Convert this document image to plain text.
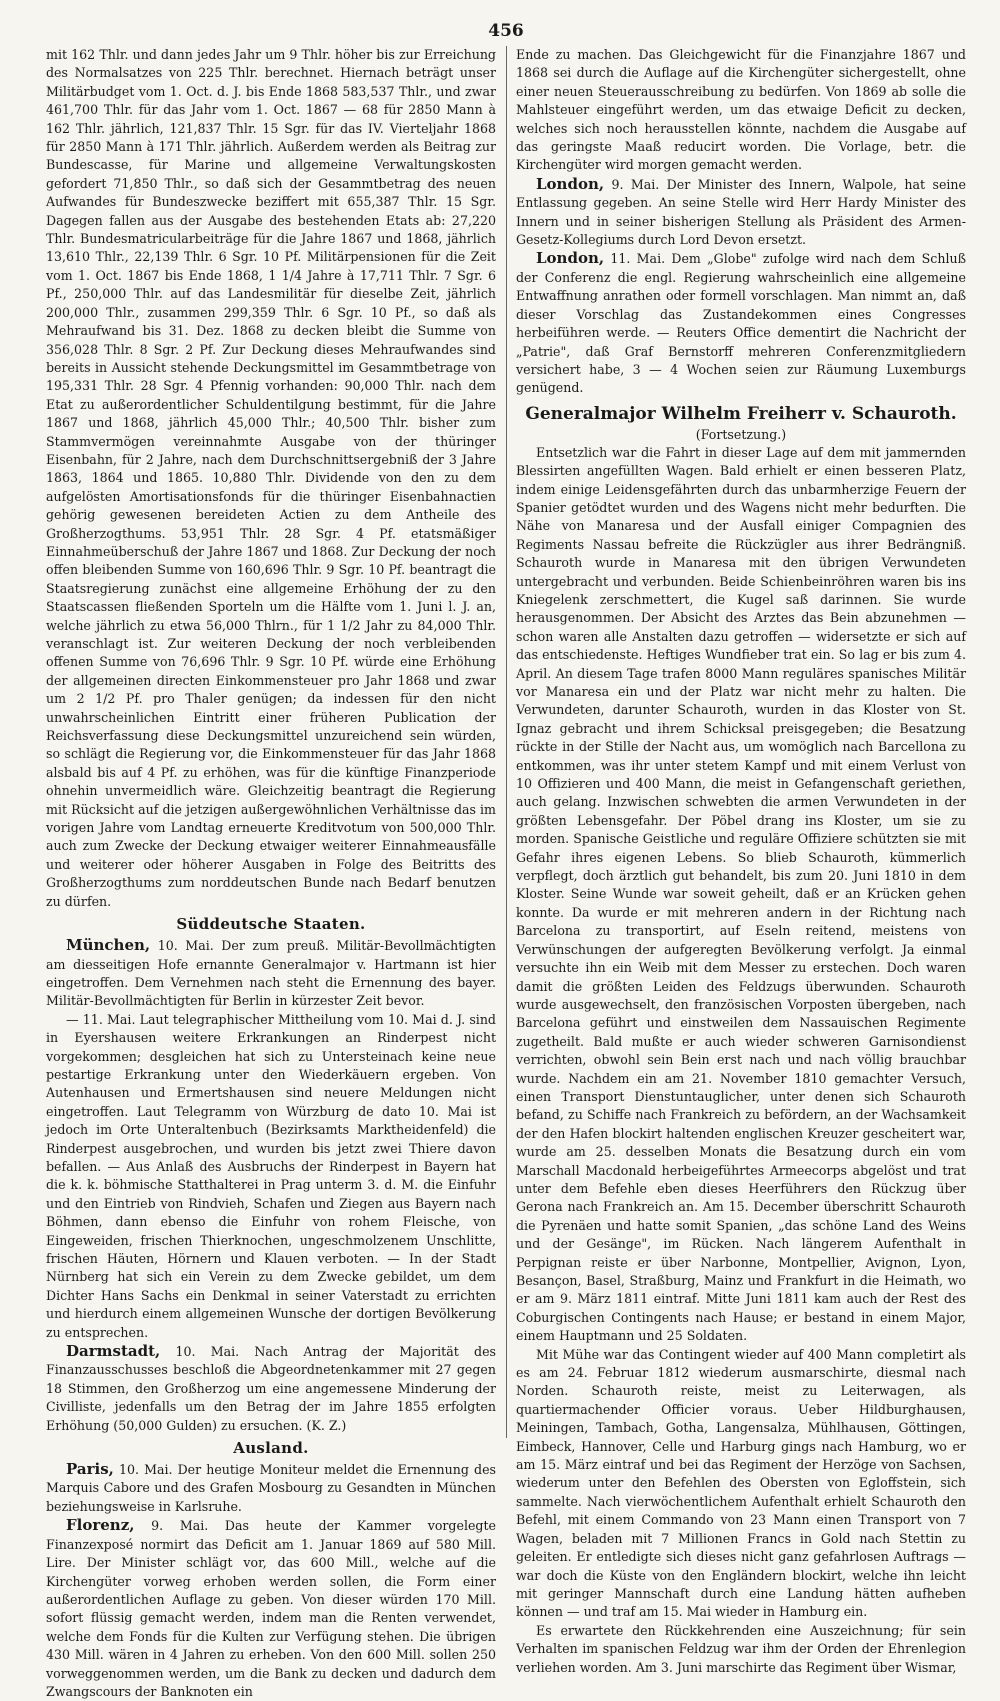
456

mit 162 Thlr. und dann jedes Jahr um 9 Thlr. höher bis zur Erreichung des Normalsatzes von 225 Thlr. berechnet. Hiernach beträgt unser Militärbudget vom 1. Oct. d. J. bis Ende 1868 583,537 Thlr., und zwar 461,700 Thlr. für das Jahr vom 1. Oct. 1867 — 68 für 2850 Mann à 162 Thlr. jährlich, 121,837 Thlr. 15 Sgr. für das IV. Vierteljahr 1868 für 2850 Mann à 171 Thlr. jährlich. Außerdem werden als Beitrag zur Bundescasse, für Marine und allgemeine Verwaltungskosten gefordert 71,850 Thlr., so daß sich der Gesammtbetrag des neuen Aufwandes für Bundeszwecke beziffert mit 655,387 Thlr. 15 Sgr. Dagegen fallen aus der Ausgabe des bestehenden Etats ab: 27,220 Thlr. Bundesmatricularbeiträge für die Jahre 1867 und 1868, jährlich 13,610 Thlr., 22,139 Thlr. 6 Sgr. 10 Pf. Militärpensionen für die Zeit vom 1. Oct. 1867 bis Ende 1868, 1 1/4 Jahre à 17,711 Thlr. 7 Sgr. 6 Pf., 250,000 Thlr. auf das Landesmilitär für dieselbe Zeit, jährlich 200,000 Thlr., zusammen 299,359 Thlr. 6 Sgr. 10 Pf., so daß als Mehraufwand bis 31. Dez. 1868 zu decken bleibt die Summe von 356,028 Thlr. 8 Sgr. 2 Pf. Zur Deckung dieses Mehraufwandes sind bereits in Aussicht stehende Deckungsmittel im Gesammtbetrage von 195,331 Thlr. 28 Sgr. 4 Pfennig vorhanden: 90,000 Thlr. nach dem Etat zu außerordentlicher Schuldentilgung bestimmt, für die Jahre 1867 und 1868, jährlich 45,000 Thlr.; 40,500 Thlr. bisher zum Stammvermögen vereinnahmte Ausgabe von der thüringer Eisenbahn, für 2 Jahre, nach dem Durchschnittsergebniß der 3 Jahre 1863, 1864 und 1865. 10,880 Thlr. Dividende von den zu dem aufgelösten Amortisationsfonds für die thüringer Eisenbahnactien gehörig gewesenen bereideten Actien zu dem Antheile des Großherzogthums. 53,951 Thlr. 28 Sgr. 4 Pf. etatsmäßiger Einnahmeüberschuß der Jahre 1867 und 1868. Zur Deckung der noch offen bleibenden Summe von 160,696 Thlr. 9 Sgr. 10 Pf. beantragt die Staatsregierung zunächst eine allgemeine Erhöhung der zu den Staatscassen fließenden Sporteln um die Hälfte vom 1. Juni l. J. an, welche jährlich zu etwa 56,000 Thlrn., für 1 1/2 Jahr zu 84,000 Thlr. veranschlagt ist. Zur weiteren Deckung der noch verbleibenden offenen Summe von 76,696 Thlr. 9 Sgr. 10 Pf. würde eine Erhöhung der allgemeinen directen Einkommensteuer pro Jahr 1868 und zwar um 2 1/2 Pf. pro Thaler genügen; da indessen für den nicht unwahrscheinlichen Eintritt einer früheren Publication der Reichsverfassung diese Deckungsmittel unzureichend sein würden, so schlägt die Regierung vor, die Einkommensteuer für das Jahr 1868 alsbald bis auf 4 Pf. zu erhöhen, was für die künftige Finanzperiode ohnehin unvermeidlich wäre. Gleichzeitig beantragt die Regierung mit Rücksicht auf die jetzigen außergewöhnlichen Verhältnisse das im vorigen Jahre vom Landtag erneuerte Kreditvotum von 500,000 Thlr. auch zum Zwecke der Deckung etwaiger weiterer Einnahmeausfälle und weiterer oder höherer Ausgaben in Folge des Beitritts des Großherzogthums zum norddeutschen Bunde nach Bedarf benutzen zu dürfen.

Süddeutsche Staaten.

München, 10. Mai. Der zum preuß. Militär-Bevollmächtigten am diesseitigen Hofe ernannte Generalmajor v. Hartmann ist hier eingetroffen. Dem Vernehmen nach steht die Ernennung des bayer. Militär-Bevollmächtigten für Berlin in kürzester Zeit bevor.

— 11. Mai. Laut telegraphischer Mittheilung vom 10. Mai d. J. sind in Eyershausen weitere Erkrankungen an Rinderpest nicht vorgekommen; desgleichen hat sich zu Untersteinach keine neue pestartige Erkrankung unter den Wiederkäuern ergeben. Von Autenhausen und Ermertshausen sind neuere Meldungen nicht eingetroffen. Laut Telegramm von Würzburg de dato 10. Mai ist jedoch im Orte Unteraltenbuch (Bezirksamts Marktheidenfeld) die Rinderpest ausgebrochen, und wurden bis jetzt zwei Thiere davon befallen. — Aus Anlaß des Ausbruchs der Rinderpest in Bayern hat die k. k. böhmische Statthalterei in Prag unterm 3. d. M. die Einfuhr und den Eintrieb von Rindvieh, Schafen und Ziegen aus Bayern nach Böhmen, dann ebenso die Einfuhr von rohem Fleische, von Eingeweiden, frischen Thierknochen, ungeschmolzenem Unschlitte, frischen Häuten, Hörnern und Klauen verboten. — In der Stadt Nürnberg hat sich ein Verein zu dem Zwecke gebildet, um dem Dichter Hans Sachs ein Denkmal in seiner Vaterstadt zu errichten und hierdurch einem allgemeinen Wunsche der dortigen Bevölkerung zu entsprechen.

Darmstadt, 10. Mai. Nach Antrag der Majorität des Finanzausschusses beschloß die Abgeordnetenkammer mit 27 gegen 18 Stimmen, den Großherzog um eine angemessene Minderung der Civilliste, jedenfalls um den Betrag der im Jahre 1855 erfolgten Erhöhung (50,000 Gulden) zu ersuchen. (K. Z.)

Ausland.

Paris, 10. Mai. Der heutige Moniteur meldet die Ernennung des Marquis Cabore und des Grafen Mosbourg zu Gesandten in München beziehungsweise in Karlsruhe.

Florenz, 9. Mai. Das heute der Kammer vorgelegte Finanzexposé normirt das Deficit am 1. Januar 1869 auf 580 Mill. Lire. Der Minister schlägt vor, das 600 Mill., welche auf die Kirchengüter vorweg erhoben werden sollen, die Form einer außerordentlichen Auflage zu geben. Von dieser würden 170 Mill. sofort flüssig gemacht werden, indem man die Renten verwendet, welche dem Fonds für die Kulten zur Verfügung stehen. Die übrigen 430 Mill. wären in 4 Jahren zu erheben. Von den 600 Mill. sollen 250 vorweggenommen werden, um die Bank zu decken und dadurch dem Zwangscours der Banknoten ein

Ende zu machen. Das Gleichgewicht für die Finanzjahre 1867 und 1868 sei durch die Auflage auf die Kirchengüter sichergestellt, ohne einer neuen Steuerausschreibung zu bedürfen. Von 1869 ab solle die Mahlsteuer eingeführt werden, um das etwaige Deficit zu decken, welches sich noch herausstellen könnte, nachdem die Ausgabe auf das geringste Maaß reducirt worden. Die Vorlage, betr. die Kirchengüter wird morgen gemacht werden.

London, 9. Mai. Der Minister des Innern, Walpole, hat seine Entlassung gegeben. An seine Stelle wird Herr Hardy Minister des Innern und in seiner bisherigen Stellung als Präsident des Armen-Gesetz-Kollegiums durch Lord Devon ersetzt.

London, 11. Mai. Dem „Globe" zufolge wird nach dem Schluß der Conferenz die engl. Regierung wahrscheinlich eine allgemeine Entwaffnung anrathen oder formell vorschlagen. Man nimmt an, daß dieser Vorschlag das Zustandekommen eines Congresses herbeiführen werde. — Reuters Office dementirt die Nachricht der „Patrie", daß Graf Bernstorff mehreren Conferenzmitgliedern versichert habe, 3 — 4 Wochen seien zur Räumung Luxemburgs genügend.

Generalmajor Wilhelm Freiherr v. Schauroth.
(Fortsetzung.)

Entsetzlich war die Fahrt in dieser Lage auf dem mit jammernden Blessirten angefüllten Wagen. Bald erhielt er einen besseren Platz, indem einige Leidensgefährten durch das unbarmherzige Feuern der Spanier getödtet wurden und des Wagens nicht mehr bedurften. Die Nähe von Manaresa und der Ausfall einiger Compagnien des Regiments Nassau befreite die Rückzügler aus ihrer Bedrängniß. Schauroth wurde in Manaresa mit den übrigen Verwundeten untergebracht und verbunden. Beide Schienbeinröhren waren bis ins Kniegelenk zerschmettert, die Kugel saß darinnen. Sie wurde herausgenommen. Der Absicht des Arztes das Bein abzunehmen — schon waren alle Anstalten dazu getroffen — widersetzte er sich auf das entschiedenste. Heftiges Wundfieber trat ein. So lag er bis zum 4. April. An diesem Tage trafen 8000 Mann reguläres spanisches Militär vor Manaresa ein und der Platz war nicht mehr zu halten. Die Verwundeten, darunter Schauroth, wurden in das Kloster von St. Ignaz gebracht und ihrem Schicksal preisgegeben; die Besatzung rückte in der Stille der Nacht aus, um womöglich nach Barcellona zu entkommen, was ihr unter stetem Kampf und mit einem Verlust von 10 Offizieren und 400 Mann, die meist in Gefangenschaft geriethen, auch gelang. Inzwischen schwebten die armen Verwundeten in der größten Lebensgefahr. Der Pöbel drang ins Kloster, um sie zu morden. Spanische Geistliche und reguläre Offiziere schützten sie mit Gefahr ihres eigenen Lebens. So blieb Schauroth, kümmerlich verpflegt, doch ärztlich gut behandelt, bis zum 20. Juni 1810 in dem Kloster. Seine Wunde war soweit geheilt, daß er an Krücken gehen konnte. Da wurde er mit mehreren andern in der Richtung nach Barcelona zu transportirt, auf Eseln reitend, meistens von Verwünschungen der aufgeregten Bevölkerung verfolgt. Ja einmal versuchte ihn ein Weib mit dem Messer zu erstechen. Doch waren damit die größten Leiden des Feldzugs überwunden. Schauroth wurde ausgewechselt, den französischen Vorposten übergeben, nach Barcelona geführt und einstweilen dem Nassauischen Regimente zugetheilt. Bald mußte er auch wieder schweren Garnisondienst verrichten, obwohl sein Bein erst nach und nach völlig brauchbar wurde. Nachdem ein am 21. November 1810 gemachter Versuch, einen Transport Dienstuntauglicher, unter denen sich Schauroth befand, zu Schiffe nach Frankreich zu befördern, an der Wachsamkeit der den Hafen blockirt haltenden englischen Kreuzer gescheitert war, wurde am 25. desselben Monats die Besatzung durch ein vom Marschall Macdonald herbeigeführtes Armeecorps abgelöst und trat unter dem Befehle eben dieses Heerführers den Rückzug über Gerona nach Frankreich an. Am 15. December überschritt Schauroth die Pyrenäen und hatte somit Spanien, „das schöne Land des Weins und der Gesänge", im Rücken. Nach längerem Aufenthalt in Perpignan reiste er über Narbonne, Montpellier, Avignon, Lyon, Besançon, Basel, Straßburg, Mainz und Frankfurt in die Heimath, wo er am 9. März 1811 eintraf. Mitte Juni 1811 kam auch der Rest des Coburgischen Contingents nach Hause; er bestand in einem Major, einem Hauptmann und 25 Soldaten.

Mit Mühe war das Contingent wieder auf 400 Mann completirt als es am 24. Februar 1812 wiederum ausmarschirte, diesmal nach Norden. Schauroth reiste, meist zu Leiterwagen, als quartiermachender Officier voraus. Ueber Hildburghausen, Meiningen, Tambach, Gotha, Langensalza, Mühlhausen, Göttingen, Eimbeck, Hannover, Celle und Harburg gings nach Hamburg, wo er am 15. März eintraf und bei das Regiment der Herzöge von Sachsen, wiederum unter den Befehlen des Obersten von Egloffstein, sich sammelte. Nach vierwöchentlichem Aufenthalt erhielt Schauroth den Befehl, mit einem Commando von 23 Mann einen Transport von 7 Wagen, beladen mit 7 Millionen Francs in Gold nach Stettin zu geleiten. Er entledigte sich dieses nicht ganz gefahrlosen Auftrags — war doch die Küste von den Engländern blockirt, welche ihn leicht mit geringer Mannschaft durch eine Landung hätten aufheben können — und traf am 15. Mai wieder in Hamburg ein.

Es erwartete den Rückkehrenden eine Auszeichnung; für sein Verhalten im spanischen Feldzug war ihm der Orden der Ehrenlegion verliehen worden. Am 3. Juni marschirte das Regiment über Wismar,
